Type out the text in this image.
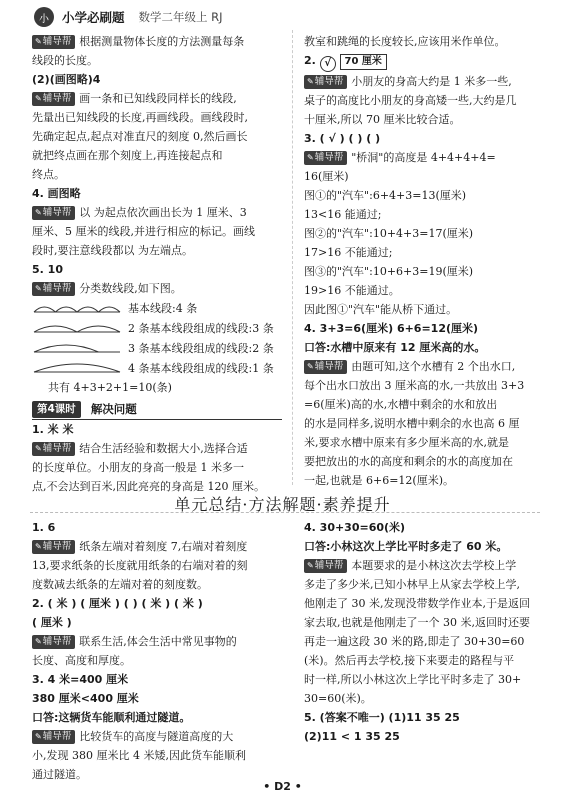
小	小学必刷题 数学二年级上 RJ
✎辅导帮 根据测量物体长度的方法测量每条
线段的长度。
(2)(画图略)4
✎辅导帮 画一条和已知线段同样长的线段,
先量出已知线段的长度,再画线段。画线段时,
先确定起点,起点对准直尺的刻度 0,然后画长
就把终点画在那个刻度上,再连接起点和
终点。
4. 画图略
✎辅导帮 以 为起点依次画出长为 1 厘米、3
厘米、5 厘米的线段,并进行相应的标记。画线
段时,要注意线段都以 为左端点。
5. 10
✎辅导帮 分类数线段,如下图。
基本线段:4 条
2 条基本线段组成的线段:3 条
3 条基本线段组成的线段:2 条
4 条基本线段组成的线段:1 条
共有 4+3+2+1=10(条)
第4课时	解决问题
1. 米 米
✎辅导帮 结合生活经验和数据大小,选择合适
的长度单位。小朋友的身高一般是 1 米多一
点,不会达到百米,因此亮亮的身高是 120 厘米。
教室和跳绳的长度较长,应该用米作单位。
2. √ 70 厘米
✎辅导帮 小朋友的身高大约是 1 米多一些,
桌子的高度比小朋友的身高矮一些,大约是几
十厘米,所以 70 厘米比较合适。
3. ( √ ) ( ) ( )
✎辅导帮 "桥洞"的高度是 4+4+4+4=
16(厘米)
图①的"汽车":6+4+3=13(厘米)
13<16 能通过;
图②的"汽车":10+4+3=17(厘米)
17>16 不能通过;
图③的"汽车":10+6+3=19(厘米)
19>16 不能通过。
因此图①"汽车"能从桥下通过。
4. 3+3=6(厘米) 6+6=12(厘米)
口答:水槽中原来有 12 厘米高的水。
✎辅导帮 由题可知,这个水槽有 2 个出水口,
每个出水口放出 3 厘米高的水,一共放出 3+3
=6(厘米)高的水,水槽中剩余的水和放出
的水是同样多,说明水槽中剩余的水也高 6 厘
米,要求水槽中原来有多少厘米高的水,就是
要把放出的水的高度和剩余的水的高度加在
一起,也就是 6+6=12(厘米)。
单元总结·方法解题·素养提升
1. 6
✎辅导帮 纸条左端对着刻度 7,右端对着刻度
13,要求纸条的长度就用纸条的右端对着的刻
度数减去纸条的左端对着的刻度数。
2. ( 米 ) ( 厘米 ) ( ) ( 米 ) ( 米 )
( 厘米 )
✎辅导帮 联系生活,体会生活中常见事物的
长度、高度和厚度。
3. 4 米=400 厘米
380 厘米<400 厘米
口答:这辆货车能顺利通过隧道。
✎辅导帮 比较货车的高度与隧道高度的大
小,发现 380 厘米比 4 米矮,因此货车能顺利
通过隧道。
4. 30+30=60(米)
口答:小林这次上学比平时多走了 60 米。
✎辅导帮 本题要求的是小林这次去学校上学
多走了多少米,已知小林早上从家去学校上学,
他刚走了 30 米,发现没带数学作业本,于是返回
家去取,也就是他刚走了一个 30 米,返回时还要
再走一遍这段 30 米的路,即走了 30+30=60
(米)。然后再去学校,接下来要走的路程与平
时一样,所以小林这次上学比平时多走了 30+
30=60(米)。
5. (答案不唯一) (1)11 35 25
(2)11 < 1 35 25
• D2 •
